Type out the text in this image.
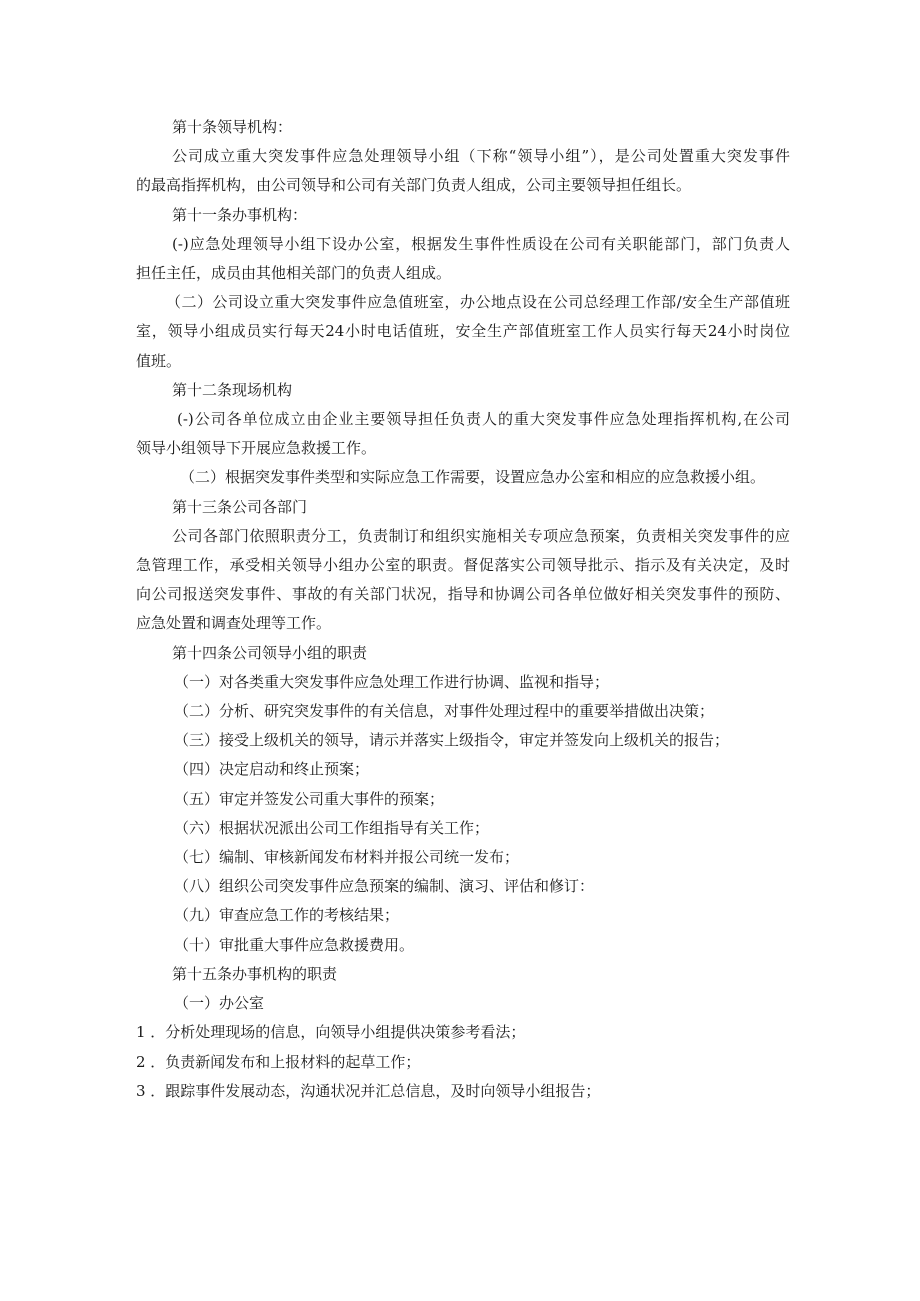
第十条领导机构：

公司成立重大突发事件应急处理领导小组（下称“领导小组”），是公司处置重大突发事件

的最高指挥机构，由公司领导和公司有关部门负责人组成，公司主要领导担任组长。

第十一条办事机构：

(-)应急处理领导小组下设办公室，根据发生事件性质设在公司有关职能部门，部门负责人

担任主任，成员由其他相关部门的负责人组成。

（二）公司设立重大突发事件应急值班室，办公地点设在公司总经理工作部/安全生产部值班

室，领导小组成员实行每天24小时电话值班，安全生产部值班室工作人员实行每天24小时岗位

值班。

第十二条现场机构

(-)公司各单位成立由企业主要领导担任负责人的重大突发事件应急处理指挥机构,在公司

领导小组领导下开展应急救援工作。

（二）根据突发事件类型和实际应急工作需要，设置应急办公室和相应的应急救援小组。

第十三条公司各部门

公司各部门依照职责分工，负责制订和组织实施相关专项应急预案，负责相关突发事件的应

急管理工作，承受相关领导小组办公室的职责。督促落实公司领导批示、指示及有关决定，及时

向公司报送突发事件、事故的有关部门状况，指导和协调公司各单位做好相关突发事件的预防、

应急处置和调查处理等工作。

第十四条公司领导小组的职责

（一）对各类重大突发事件应急处理工作进行协调、监视和指导；

（二）分析、研究突发事件的有关信息，对事件处理过程中的重要举措做出决策；

（三）接受上级机关的领导，请示并落实上级指令，审定并签发向上级机关的报告；

（四）决定启动和终止预案；

（五）审定并签发公司重大事件的预案；

（六）根据状况派出公司工作组指导有关工作；

（七）编制、审核新闻发布材料并报公司统一发布；

（八）组织公司突发事件应急预案的编制、演习、评估和修订：

（九）审查应急工作的考核结果；

（十）审批重大事件应急救援费用。

第十五条办事机构的职责

（一）办公室

1 ．分析处理现场的信息，向领导小组提供决策参考看法；

2 ．负责新闻发布和上报材料的起草工作；

3 ．跟踪事件发展动态，沟通状况并汇总信息，及时向领导小组报告；
